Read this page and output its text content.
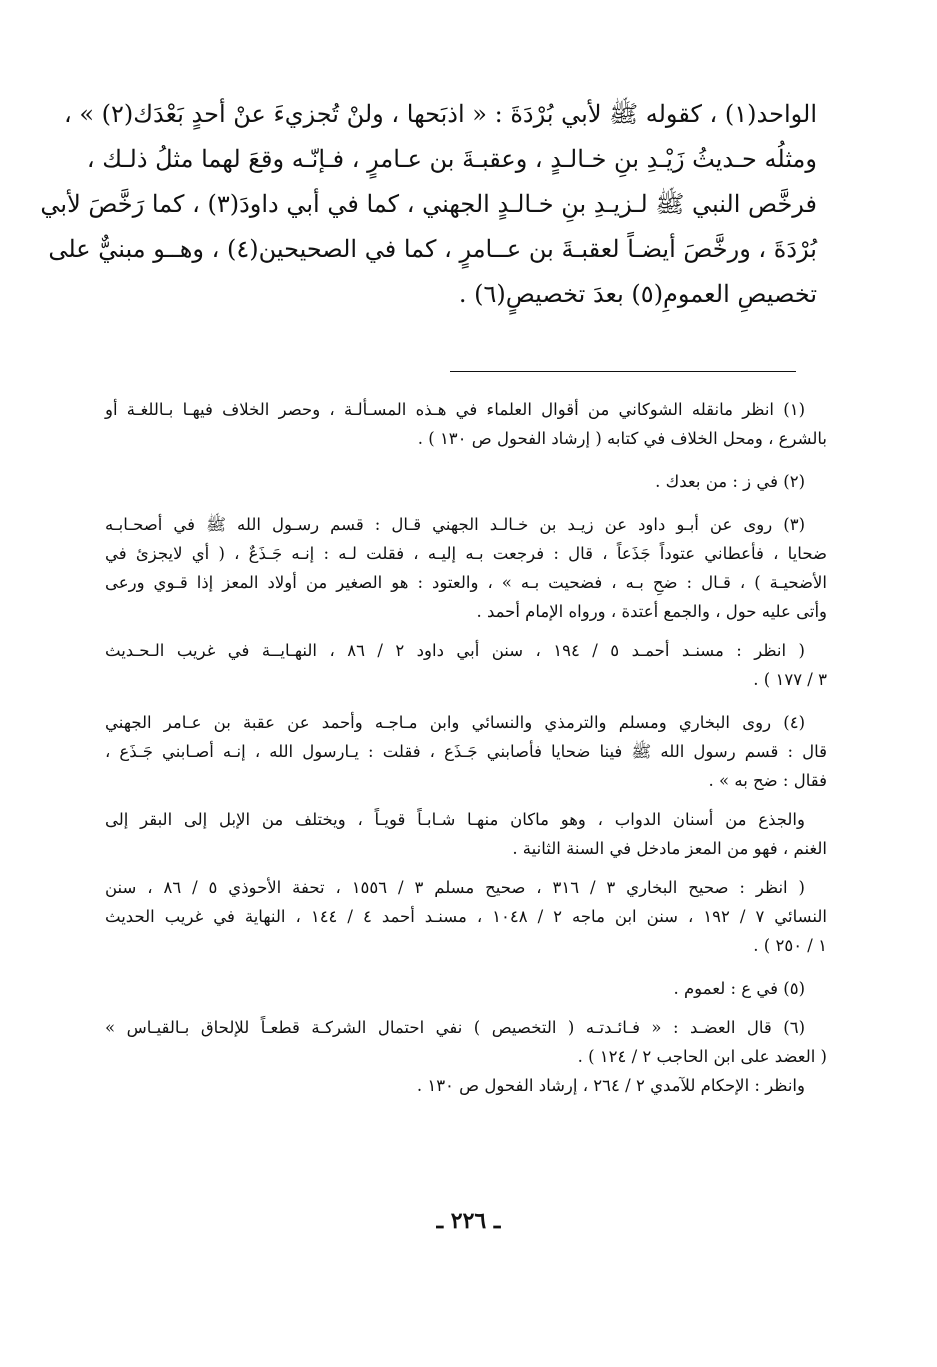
الواحد(١) ، كقوله ﷺ لأبي بُرْدَةَ : « اذبَحها ، ولنْ تُجزيءَ عنْ أحدٍ بَعْدَك(٢) » ،
ومثلُه حـديثُ زَيْـدِ بنِ خـالـدٍ ، وعقبـةَ بن عـامرٍ ، فـإنّـه وقعَ لهما مثلُ ذلـك ،
فرخَّص النبي ﷺ لـزيـدِ بنِ خـالـدٍ الجهني ، كما في أبي داودَ(٣) ، كما رَخَّصَ لأبي
بُرْدَةَ ، ورخَّصَ أيضـاً لعقبـةَ بن عــامرٍ ، كما في الصحيحين(٤) ، وهــو مبنيٌّ على
تخصيصِ العمومِ(٥) بعدَ تخصيصٍ(٦) .
(١) انظر مانقله الشوكاني من أقوال العلماء في هـذه المسـألـة ، وحصر الخلاف فيهـا بـاللغـة أو
بالشرع ، ومحل الخلاف في كتابه ( إرشاد الفحول ص ١٣٠ ) .
(٢) في ز : من بعدك .
(٣) روى عن أبـو داود عن زيـد بن خـالـد الجهني قـال : قسم رسـول الله ﷺ في أصحـابـه
ضحايا ، فأعطاني عتوداً جَذَعاً ، قال : فرجعت بـه إليـه ، فقلت لـه : إنـه جَـذَعٌ ، ( أي لايجزئ في
الأضحيـة ) ، قـال : ضحِ بـه ، فضحيت بـه » ، والعتود : هو الصغير من أولاد المعز إذا قـوي ورعى
وأتى عليه حول ، والجمع أعتدة ، ورواه الإمام أحمد .
( انظر : مسنـد أحمـد ٥ / ١٩٤ ، سنن أبي داود ٢ / ٨٦ ، النهـايــة في غريب الـحـديث
٣ / ١٧٧ ) .
(٤) روى البخاري ومسلم والترمذي والنسائي وابن مـاجـه وأحمد عن عقبة بن عـامر الجهني
قال : قسم رسول الله ﷺ فينا ضحايا فأصابني جَـذَع ، فقلت : يـارسول الله ، إنـه أصـابني جَـذَع ،
فقال : ضح به » .
والجذع من أسنان الدواب ، وهو ماكان منهـا شـابـاً قويـاً ، ويختلف من الإبل إلى البقر إلى
الغنم ، فهو من المعز مادخل في السنة الثانية .
( انظر : صحيح البخاري ٣ / ٣١٦ ، صحيح مسلم ٣ / ١٥٥٦ ، تحفة الأحوذي ٥ / ٨٦ ، سنن
النسائي ٧ / ١٩٢ ، سنن ابن ماجه ٢ / ١٠٤٨ ، مسنـد أحمد ٤ / ١٤٤ ، النهاية في غريب الحديث
١ / ٢٥٠ ) .
(٥) في ع : لعموم .
(٦) قال العضـد : « فـائـدتـه ( التخصيص ) نفي احتمال الشركـة قطعـاً للإلحاق بـالقيـاس »
( العضد على ابن الحاجب ٢ / ١٢٤ ) .
وانظر : الإحكام للآمدي ٢ / ٢٦٤ ، إرشاد الفحول ص ١٣٠ .
ـ ٢٢٦ ـ
